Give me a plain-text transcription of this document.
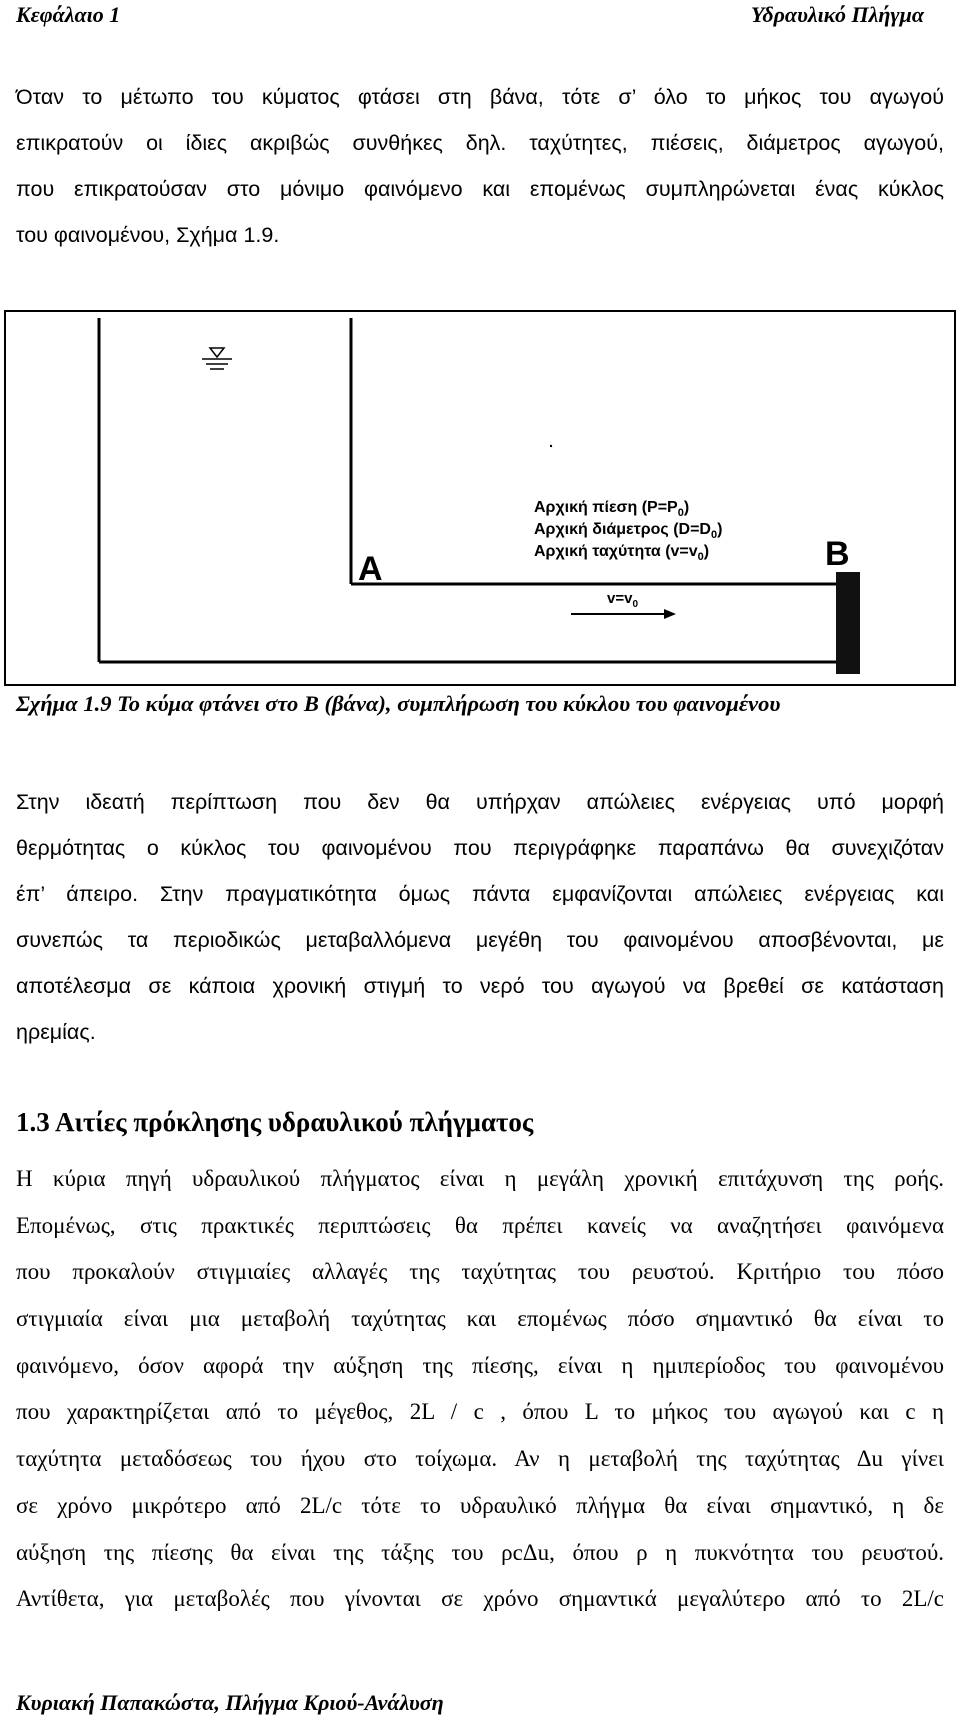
Κεφάλαιο 1	Υδραυλικό Πλήγμα
Όταν το μέτωπο του κύματος φτάσει στη βάνα, τότε σ’ όλο το μήκος του αγωγού
επικρατούν οι ίδιες ακριβώς συνθήκες δηλ. ταχύτητες, πιέσεις, διάμετρος αγωγού,
που επικρατούσαν στο μόνιμο φαινόμενο και επομένως συμπληρώνεται ένας κύκλος
του φαινομένου, Σχήμα 1.9.
A	B
Αρχική πίεση $(P=P_0)$
Αρχική διάμετρος $(D=D_0)$
Αρχική ταχύτητα $(v=v_0)$
$v=v_0$
Σχήμα 1.9 Το κύμα φτάνει στο Β (βάνα), συμπλήρωση του κύκλου του φαινομένου
Στην ιδεατή περίπτωση που δεν θα υπήρχαν απώλειες ενέργειας υπό μορφή
θερμότητας ο κύκλος του φαινομένου που περιγράφηκε παραπάνω θα συνεχιζόταν
έπ’ άπειρο. Στην πραγματικότητα όμως πάντα εμφανίζονται απώλειες ενέργειας και
συνεπώς τα περιοδικώς μεταβαλλόμενα μεγέθη του φαινομένου αποσβένονται, με
αποτέλεσμα σε κάποια χρονική στιγμή το νερό του αγωγού να βρεθεί σε κατάσταση
ηρεμίας.
1.3 Αιτίες πρόκλησης υδραυλικού πλήγματος
Η κύρια πηγή υδραυλικού πλήγματος είναι η μεγάλη χρονική επιτάχυνση της ροής.
Επομένως, στις πρακτικές περιπτώσεις θα πρέπει κανείς να αναζητήσει φαινόμενα
που προκαλούν στιγμιαίες αλλαγές της ταχύτητας του ρευστού. Κριτήριο του πόσο
στιγμιαία είναι μια μεταβολή ταχύτητας και επομένως πόσο σημαντικό θα είναι το
φαινόμενο, όσον αφορά την αύξηση της πίεσης, είναι η ημιπερίοδος του φαινομένου
που χαρακτηρίζεται από το μέγεθος, 2L / c , όπου L το μήκος του αγωγού και c η
ταχύτητα μεταδόσεως του ήχου στο τοίχωμα. Αν η μεταβολή της ταχύτητας Δu γίνει
σε χρόνο μικρότερο από 2L/c τότε το υδραυλικό πλήγμα θα είναι σημαντικό, η δε
αύξηση της πίεσης θα είναι της τάξης του ρcΔu, όπου ρ η πυκνότητα του ρευστού.
Αντίθετα, για μεταβολές που γίνονται σε χρόνο σημαντικά μεγαλύτερο από το 2L/c
Κυριακή Παπακώστα, Πλήγμα Κριού-Ανάλυση
